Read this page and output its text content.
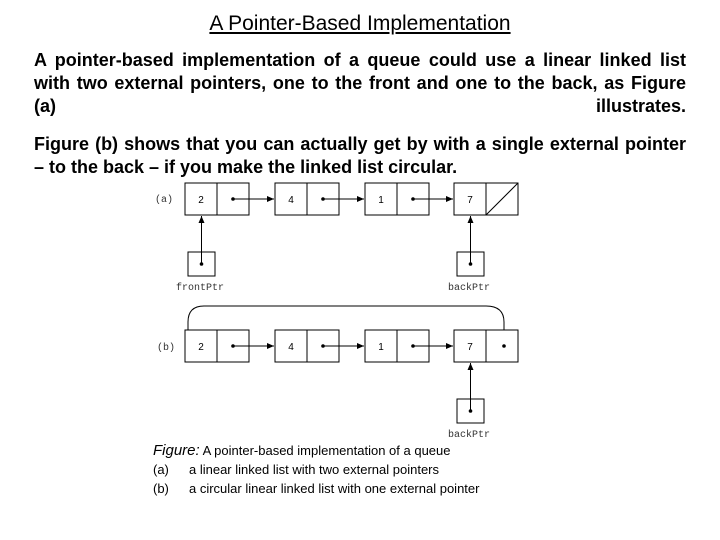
A Pointer-Based Implementation
A pointer-based implementation of a queue could use a linear linked list with two external pointers, one to the front and one to the back, as Figure (a) illustrates.
Figure (b) shows that you can actually get by with a single external pointer – to the back – if you make the linked list circular.
(a)	2	4	1	7
frontPtr	backPtr
(b) 2	4	1	7
backPtr
Figure: A pointer-based implementation of a queue
(a) a linear linked list with two external pointers
(b) a circular linear linked list with one external pointer
